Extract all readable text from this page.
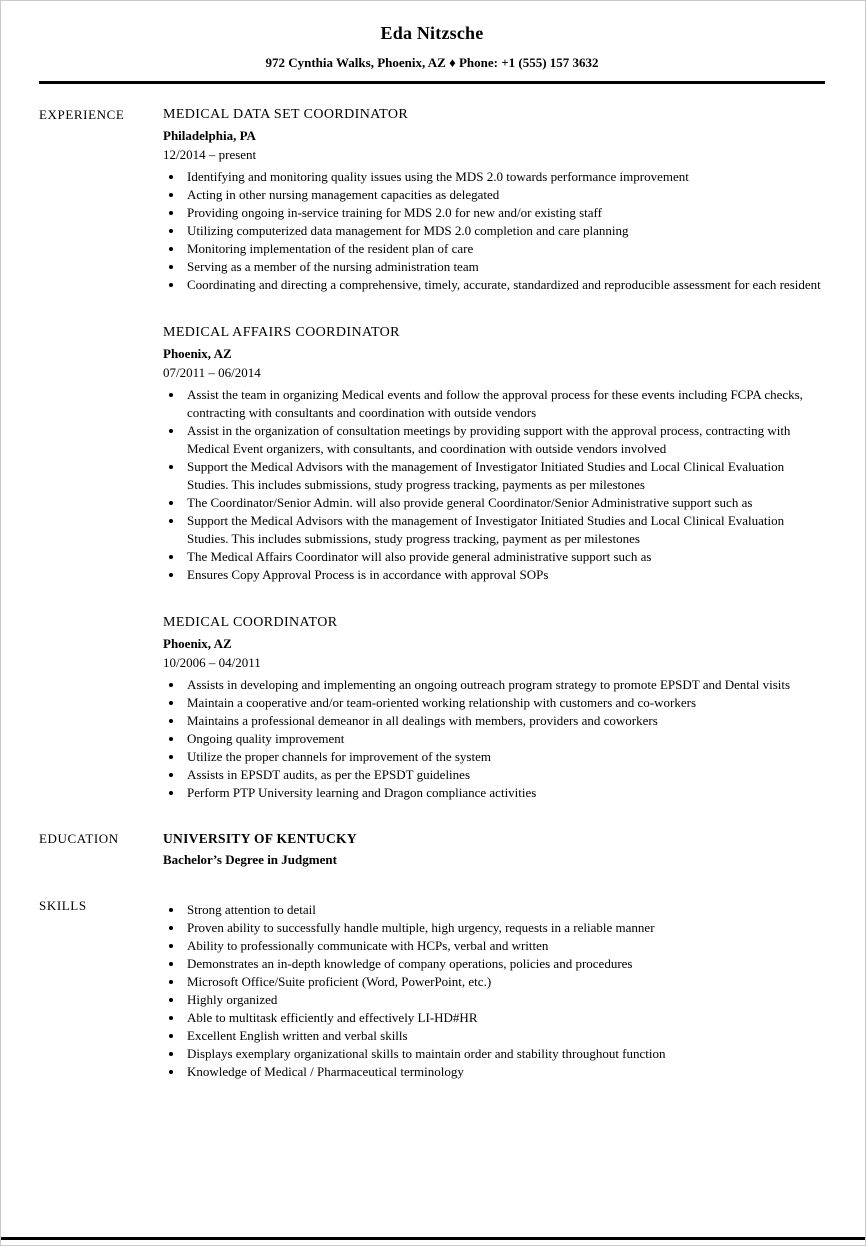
Eda Nitzsche
972 Cynthia Walks, Phoenix, AZ ♦ Phone: +1 (555) 157 3632
EXPERIENCE	MEDICAL DATA SET COORDINATOR
Philadelphia, PA
12/2014 – present
• Identifying and monitoring quality issues using the MDS 2.0 towards performance improvement
• Acting in other nursing management capacities as delegated
• Providing ongoing in-service training for MDS 2.0 for new and/or existing staff
• Utilizing computerized data management for MDS 2.0 completion and care planning
• Monitoring implementation of the resident plan of care
• Serving as a member of the nursing administration team
• Coordinating and directing a comprehensive, timely, accurate, standardized and reproducible assessment for each resident
MEDICAL AFFAIRS COORDINATOR
Phoenix, AZ
07/2011 – 06/2014
• Assist the team in organizing Medical events and follow the approval process for these events including FCPA checks, contracting with consultants and coordination with outside vendors
• Assist in the organization of consultation meetings by providing support with the approval process, contracting with Medical Event organizers, with consultants, and coordination with outside vendors involved
• Support the Medical Advisors with the management of Investigator Initiated Studies and Local Clinical Evaluation Studies. This includes submissions, study progress tracking, payments as per milestones
• The Coordinator/Senior Admin. will also provide general Coordinator/Senior Administrative support such as
• Support the Medical Advisors with the management of Investigator Initiated Studies and Local Clinical Evaluation Studies. This includes submissions, study progress tracking, payment as per milestones
• The Medical Affairs Coordinator will also provide general administrative support such as
• Ensures Copy Approval Process is in accordance with approval SOPs
MEDICAL COORDINATOR
Phoenix, AZ
10/2006 – 04/2011
• Assists in developing and implementing an ongoing outreach program strategy to promote EPSDT and Dental visits
• Maintain a cooperative and/or team-oriented working relationship with customers and co-workers
• Maintains a professional demeanor in all dealings with members, providers and coworkers
• Ongoing quality improvement
• Utilize the proper channels for improvement of the system
• Assists in EPSDT audits, as per the EPSDT guidelines
• Perform PTP University learning and Dragon compliance activities
EDUCATION	UNIVERSITY OF KENTUCKY
Bachelor’s Degree in Judgment
SKILLS	• Strong attention to detail
• Proven ability to successfully handle multiple, high urgency, requests in a reliable manner
• Ability to professionally communicate with HCPs, verbal and written
• Demonstrates an in-depth knowledge of company operations, policies and procedures
• Microsoft Office/Suite proficient (Word, PowerPoint, etc.)
• Highly organized
• Able to multitask efficiently and effectively LI-HD#HR
• Excellent English written and verbal skills
• Displays exemplary organizational skills to maintain order and stability throughout function
• Knowledge of Medical / Pharmaceutical terminology
